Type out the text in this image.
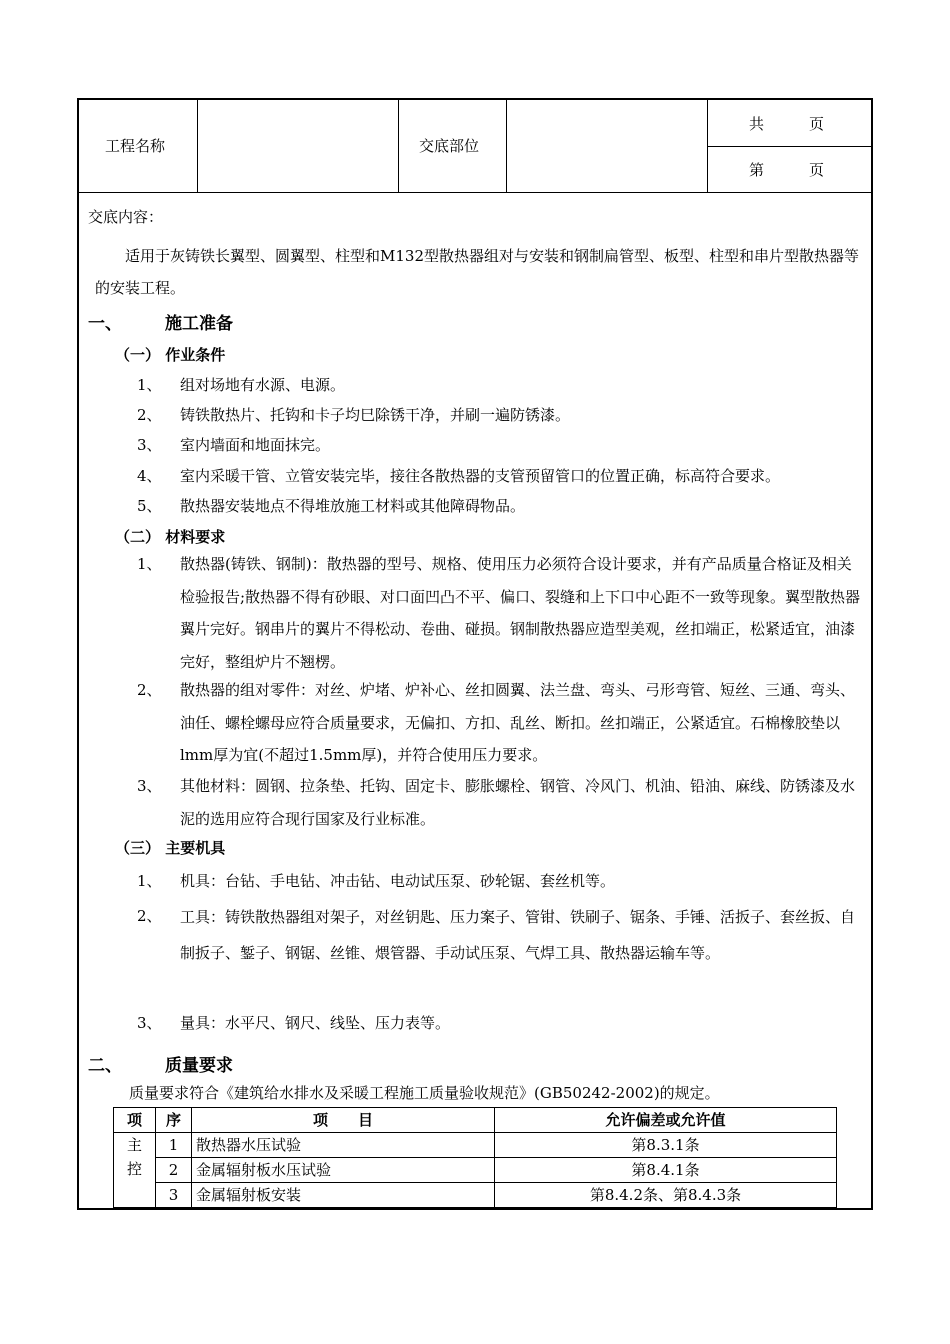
工程名称	交底部位
共　　　页
第　　　页
交底内容：
适用于灰铸铁长翼型、圆翼型、柱型和M132型散热器组对与安装和钢制扁管型、板型、柱型和串片型散热器等的安装工程。
一、	施工准备
（一） 作业条件
1、 组对场地有水源、电源。
2、 铸铁散热片、托钩和卡子均巳除锈干净，并刷一遍防锈漆。
3、 室内墙面和地面抹完。
4、 室内采暖干管、立管安装完毕，接往各散热器的支管预留管口的位置正确，标高符合要求。
5、 散热器安装地点不得堆放施工材料或其他障碍物品。
（二） 材料要求
1、 散热器(铸铁、钢制)：散热器的型号、规格、使用压力必须符合设计要求，并有产品质量合格证及相关检验报告;散热器不得有砂眼、对口面凹凸不平、偏口、裂缝和上下口中心距不一致等现象。翼型散热器翼片完好。钢串片的翼片不得松动、卷曲、碰损。钢制散热器应造型美观，丝扣端正，松紧适宜，油漆完好，整组炉片不翘楞。
2、 散热器的组对零件：对丝、炉堵、炉补心、丝扣圆翼、法兰盘、弯头、弓形弯管、短丝、三通、弯头、油任、螺栓螺母应符合质量要求，无偏扣、方扣、乱丝、断扣。丝扣端正，公紧适宜。石棉橡胶垫以lmm厚为宜(不超过1.5mm厚)，并符合使用压力要求。
3、 其他材料：圆钢、拉条垫、托钩、固定卡、膨胀螺栓、钢管、冷风门、机油、铅油、麻线、防锈漆及水泥的选用应符合现行国家及行业标准。
（三） 主要机具
1、 机具：台钻、手电钻、冲击钻、电动试压泵、砂轮锯、套丝机等。
2、 工具：铸铁散热器组对架子，对丝钥匙、压力案子、管钳、铁刷子、锯条、手锤、活扳子、套丝扳、自制扳子、錾子、钢锯、丝锥、煨管器、手动试压泵、气焊工具、散热器运输车等。
3、 量具：水平尺、钢尺、线坠、压力表等。
二、	质量要求
质量要求符合《建筑给水排水及采暖工程施工质量验收规范》(GB50242-2002)的规定。
项	序	项　　目	允许偏差或允许值
主
控	1	散热器水压试验	第8.3.1条
	2	金属辐射板水压试验	第8.4.1条
	3	金属辐射板安装	第8.4.2条、第8.4.3条
